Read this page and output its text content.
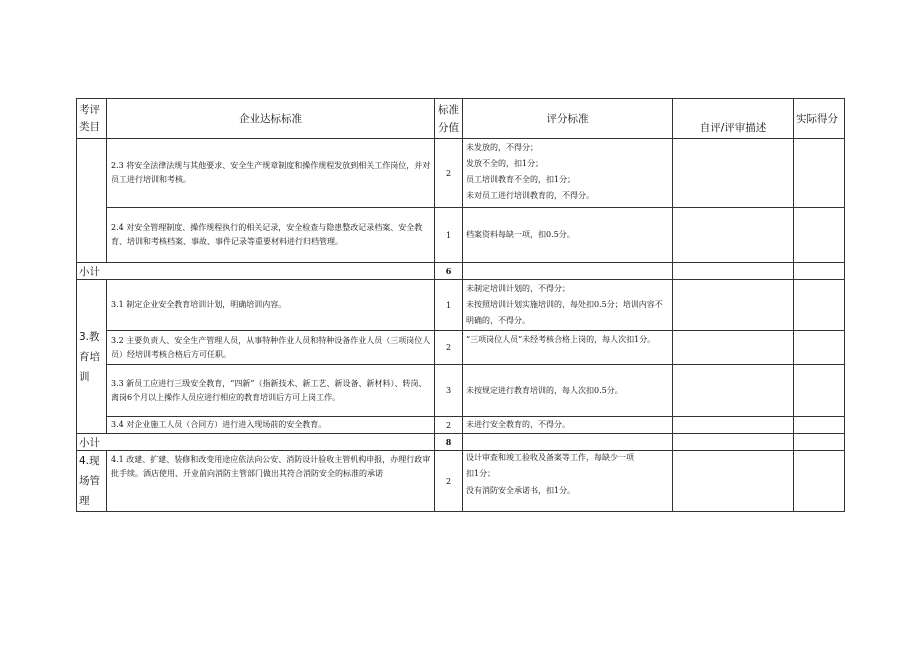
考评类目	企业达标标准	标准分值	评分标准	自评/评审描述	实际得分
	2.3 将安全法律法规与其他要求、安全生产规章制度和操作规程发放到相关工作岗位，并对员工进行培训和考核。	2	未发放的，不得分；
发放不全的，扣1分；
员工培训教育不全的，扣1分；
未对员工进行培训教育的，不得分。		

	2.4 对安全管理制度、操作规程执行的相关记录，安全检查与隐患整改记录档案、安全教育、培训和考核档案、事故、事件记录等重要材料进行归档管理。	1	档案资料每缺一项，扣0.5分。		

小计		6			
3.教育培训	3.1 制定企业安全教育培训计划，明确培训内容。	1	未制定培训计划的，不得分；
未按照培训计划实施培训的，每处扣0.5分；培训内容不明确的，不得分。		

	3.2 主要负责人、安全生产管理人员，从事特种作业人员和特种设备作业人员（三项岗位人员）经培训考核合格后方可任职。	2	“三项岗位人员”未经考核合格上岗的，每人次扣1分。		

	3.3 新员工应进行三级安全教育，“四新”（指新技术、新工艺、新设备、新材料）、转岗、离岗6个月以上操作人员应进行相应的教育培训后方可上岗工作。	3	未按规定进行教育培训的，每人次扣0.5分。		

	3.4 对企业施工人员（合同方）进行进入现场前的安全教育。	2	未进行安全教育的，不得分。		

小计		8			
4.现场管理	4.1 改建、扩建、装修和改变用途应依法向公安、消防设计验收主管机构申报，办理行政审批手续。酒店使用、开业前向消防主管部门做出其符合消防安全的标准的承诺	2	设计审查和竣工验收及备案等工作，每缺少一项
扣1分；
没有消防安全承诺书，扣1分。		
